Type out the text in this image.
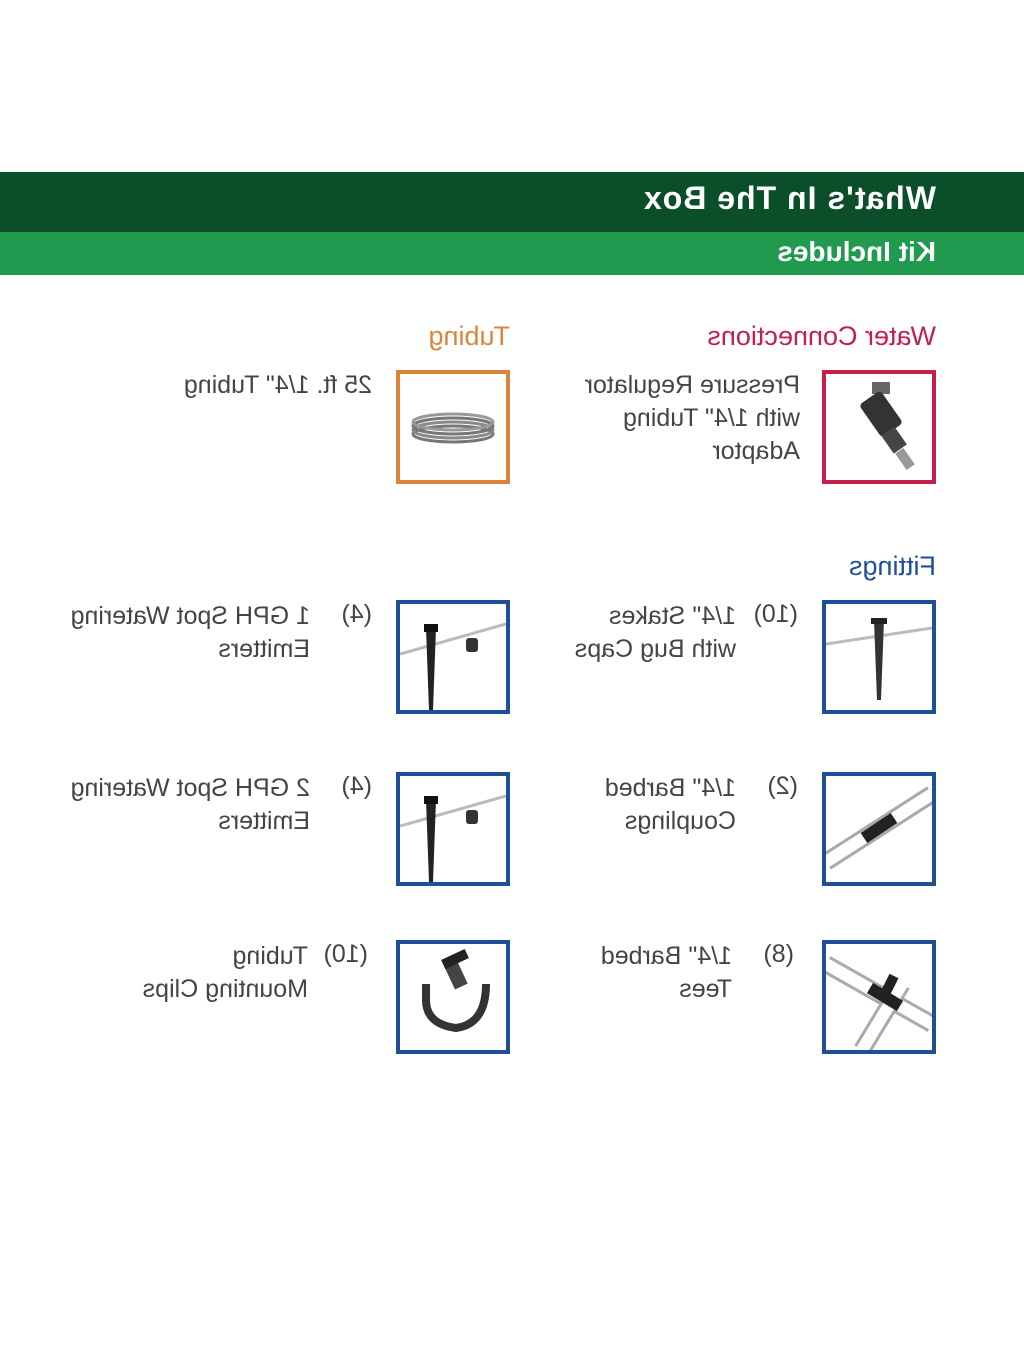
What's In The Box
Kit Includes
Water Connections
Tubing
Fittings
Pressure Regulator
with 1/4" Tubing
Adaptor
25 ft. 1/4" Tubing
(10)
1/4" Stakes
with Bug Caps
(4)
1 GPH Spot Watering
Emitters
(2)
1/4" Barbed
Couplings
(4)
2 GPH Spot Watering
Emitters
(8)
1/4" Barbed
Tees
(10)
Tubing
Mounting Clips
